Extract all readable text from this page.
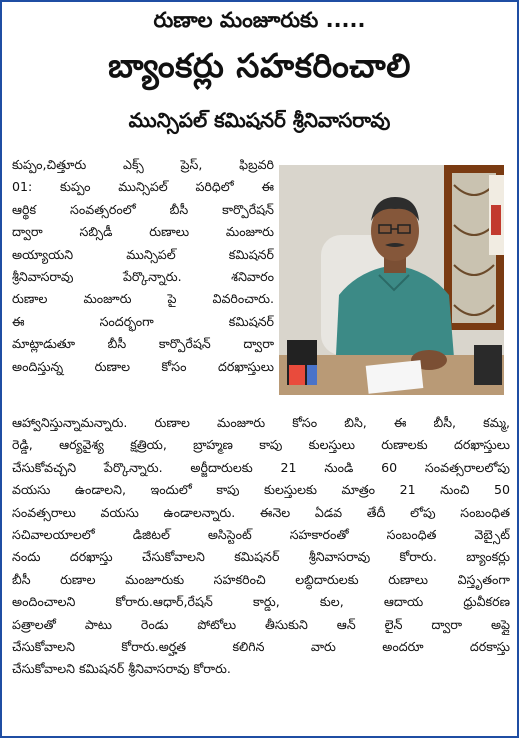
రుణాల మంజూరుకు .....
బ్యాంకర్లు సహకరించాలి
మున్సిపల్ కమిషనర్ శ్రీనివాసరావు
కుప్పం,చిత్తూరు ఎక్స్ ప్రెస్, ఫిబ్రవరి
01: కుప్పం మున్సిపల్ పరిధిలో ఈ
ఆర్థిక సంవత్సరంలో బీసీ కార్పొరేషన్
ద్వారా సబ్సిడీ రుణాలు మంజూరు
అయ్యాయని మున్సిపల్ కమిషనర్
శ్రీనివాసరావు పేర్కొన్నారు. శనివారం
రుణాల మంజూరు పై వివరించారు.
ఈ సందర్భంగా కమిషనర్
మాట్లాడుతూ బీసీ కార్పొరేషన్ ద్వారా
అందిస్తున్న రుణాల కోసం దరఖాస్తులు
ఆహ్వానిస్తున్నామన్నారు. రుణాల మంజూరు కోసం బిసి, ఈ బీసీ, కమ్మ,
రెడ్డి, ఆర్యవైశ్య క్షత్రియ, బ్రాహ్మణ కాపు కులస్తులు రుణాలకు దరఖాస్తులు
చేసుకోవచ్చని పేర్కొన్నారు. అర్జీదారులకు 21 నుండి 60 సంవత్సరాలలోపు
వయసు ఉండాలని, ఇందులో కాపు కులస్తులకు మాత్రం 21 నుంచి 50
సంవత్సరాలు వయసు ఉండాలన్నారు. ఈనెల ఏడవ తేదీ లోపు సంబంధిత
సచివాలయాలలో డిజిటల్ అసిస్టెంట్ సహకారంతో సంబంధిత వెబ్సైట్
నందు దరఖాస్తు చేసుకోవాలని కమిషనర్ శ్రీనివాసరావు కోరారు. బ్యాంకర్లు
బీసీ రుణాల మంజూరుకు సహకరించి లబ్ధిదారులకు రుణాలు విస్తృతంగా
అందించాలని కోరారు.ఆధార్,రేషన్ కార్డు, కుల, ఆదాయ ధ్రువీకరణ
పత్రాలతో పాటు రెండు పోటోలు తీసుకుని ఆన్ లైన్ ద్వారా అప్లై
చేసుకోవాలని కోరారు.అర్హత కలిగిన వారు అందరూ దరకాస్తు
చేసుకోవాలని కమిషనర్ శ్రీనివాసరావు కోరారు.
